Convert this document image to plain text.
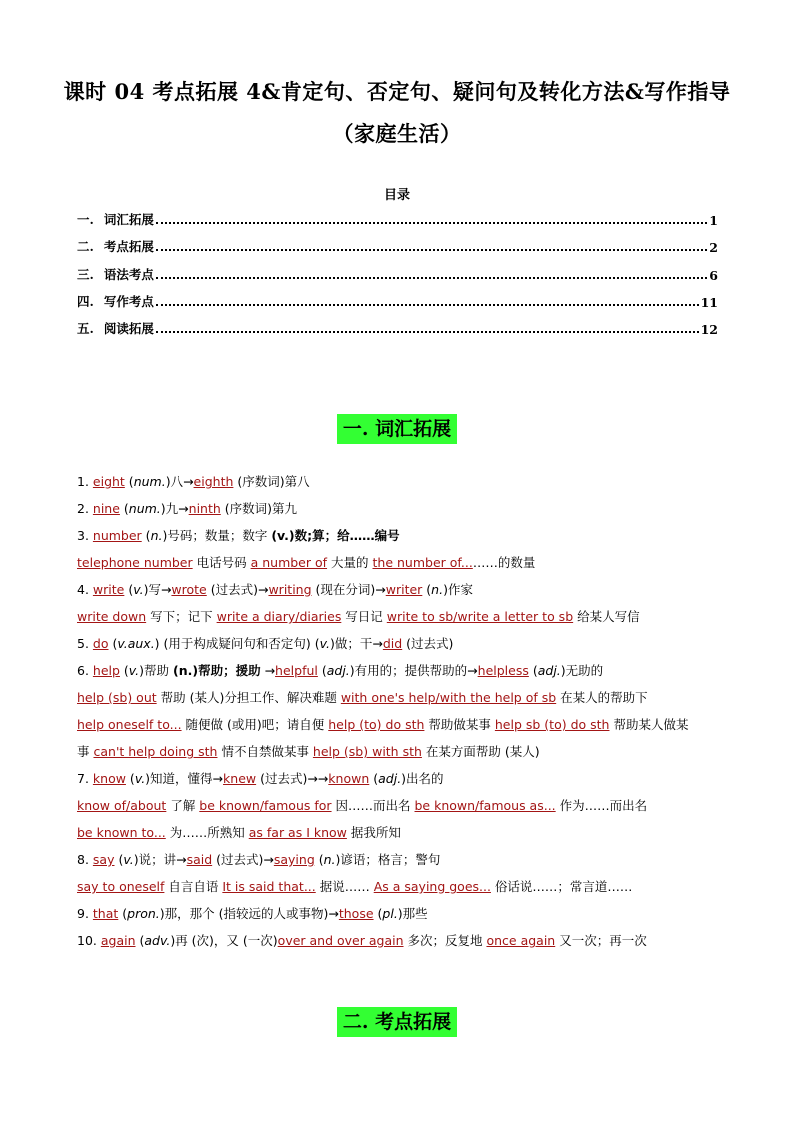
课时 04 考点拓展 4&肯定句、否定句、疑问句及转化方法&写作指导
（家庭生活）
目录
一. 词汇拓展	1
二. 考点拓展	2
三. 语法考点	6
四. 写作考点	11
五. 阅读拓展	12
一. 词汇拓展
1. eight (num.)八→eighth (序数词)第八
2. nine (num.)九→ninth (序数词)第九
3. number (n.)号码；数量；数字 (v.)数;算；给……编号
telephone number 电话号码 a number of 大量的 the number of...……的数量
4. write (v.)写→wrote (过去式)→writing (现在分词)→writer (n.)作家
write down 写下；记下 write a diary/diaries 写日记 write to sb/write a letter to sb 给某人写信
5. do (v.aux.) (用于构成疑问句和否定句) (v.)做；干→did (过去式)
6. help (v.)帮助 (n.)帮助；援助 →helpful (adj.)有用的；提供帮助的→helpless (adj.)无助的
help (sb) out 帮助 (某人)分担工作、解决难题 with one's help/with the help of sb 在某人的帮助下
help oneself to... 随便做 (或用)吧；请自便 help (to) do sth 帮助做某事 help sb (to) do sth 帮助某人做某
事 can't help doing sth 情不自禁做某事 help (sb) with sth 在某方面帮助 (某人)
7. know (v.)知道，懂得→knew (过去式)→→known (adj.)出名的
know of/about 了解 be known/famous for 因……而出名 be known/famous as... 作为……而出名
be known to... 为……所熟知 as far as I know 据我所知
8. say (v.)说；讲→said (过去式)→saying (n.)谚语；格言；警句
say to oneself 自言自语 It is said that... 据说…… As a saying goes... 俗话说……；常言道……
9. that (pron.)那，那个 (指较远的人或事物)→those (pl.)那些
10. again (adv.)再 (次)，又 (一次)over and over again 多次；反复地 once again 又一次；再一次
二. 考点拓展
